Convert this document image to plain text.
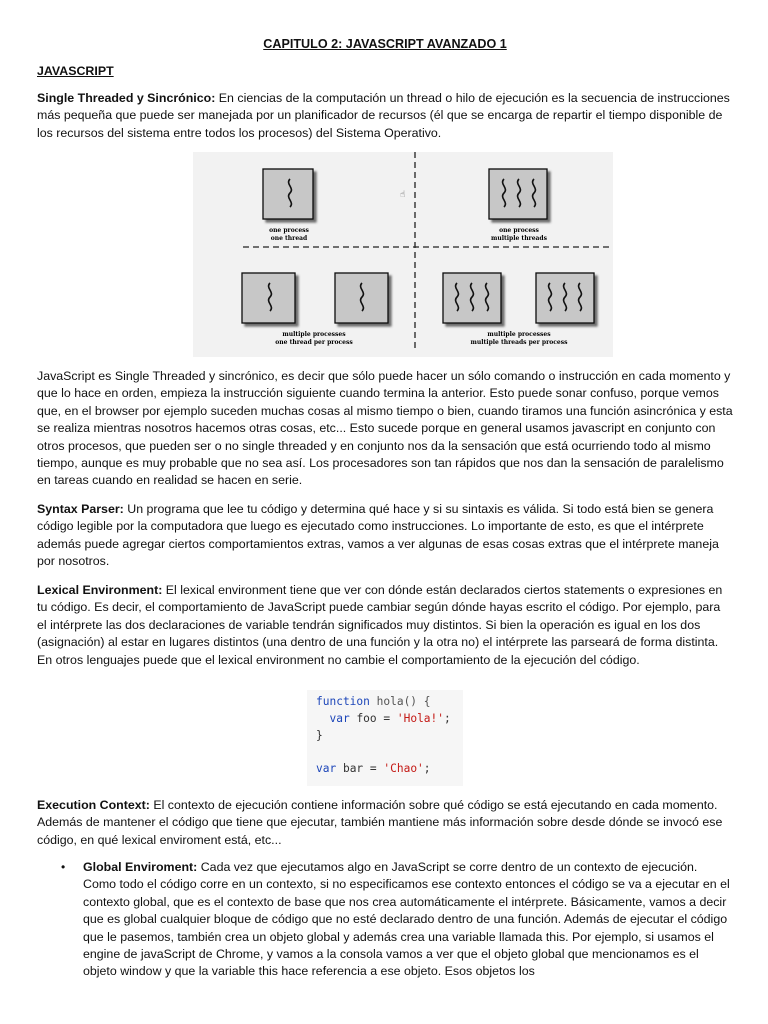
CAPITULO 2: JAVASCRIPT AVANZADO 1
JAVASCRIPT
Single Threaded y Sincrónico: En ciencias de la computación un thread o hilo de ejecución es la secuencia de instrucciones más pequeña que puede ser manejada por un planificador de recursos (él que se encarga de repartir el tiempo disponible de los recursos del sistema entre todos los procesos) del Sistema Operativo.
☝
one process
one thread
one process
multiple threads
multiple processes
one thread per process
multiple processes
multiple threads per process
JavaScript es Single Threaded y sincrónico, es decir que sólo puede hacer un sólo comando o instrucción en cada momento y que lo hace en orden, empieza la instrucción siguiente cuando termina la anterior. Esto puede sonar confuso, porque vemos que, en el browser por ejemplo suceden muchas cosas al mismo tiempo o bien, cuando tiramos una función asincrónica y esta se realiza mientras nosotros hacemos otras cosas, etc... Esto sucede porque en general usamos javascript en conjunto con otros procesos, que pueden ser o no single threaded y en conjunto nos da la sensación que está ocurriendo todo al mismo tiempo, aunque es muy probable que no sea así. Los procesadores son tan rápidos que nos dan la sensación de paralelismo en tareas cuando en realidad se hacen en serie.
Syntax Parser: Un programa que lee tu código y determina qué hace y si su sintaxis es válida. Si todo está bien se genera código legible por la computadora que luego es ejecutado como instrucciones. Lo importante de esto, es que el intérprete además puede agregar ciertos comportamientos extras, vamos a ver algunas de esas cosas extras que el intérprete maneja por nosotros.
Lexical Environment: El lexical environment tiene que ver con dónde están declarados ciertos statements o expresiones en tu código. Es decir, el comportamiento de JavaScript puede cambiar según dónde hayas escrito el código. Por ejemplo, para el intérprete las dos declaraciones de variable tendrán significados muy distintos. Si bien la operación es igual en los dos (asignación) al estar en lugares distintos (una dentro de una función y la otra no) el intérprete las parseará de forma distinta. En otros lenguajes puede que el lexical environment no cambie el comportamiento de la ejecución del código.
function hola() {
var foo = 'Hola!';
}

var bar = 'Chao';
Execution Context: El contexto de ejecución contiene información sobre qué código se está ejecutando en cada momento. Además de mantener el código que tiene que ejecutar, también mantiene más información sobre desde dónde se invocó ese código, en qué lexical enviroment está, etc...
• Global Enviroment: Cada vez que ejecutamos algo en JavaScript se corre dentro de un contexto de ejecución. Como todo el código corre en un contexto, si no especificamos ese contexto entonces el código se va a ejecutar en el contexto global, que es el contexto de base que nos crea automáticamente el intérprete. Básicamente, vamos a decir que es global cualquier bloque de código que no esté declarado dentro de una función. Además de ejecutar el código que le pasemos, también crea un objeto global y además crea una variable llamada this. Por ejemplo, si usamos el engine de javaScript de Chrome, y vamos a la consola vamos a ver que el objeto global que mencionamos es el objeto window y que la variable this hace referencia a ese objeto. Esos objetos los
